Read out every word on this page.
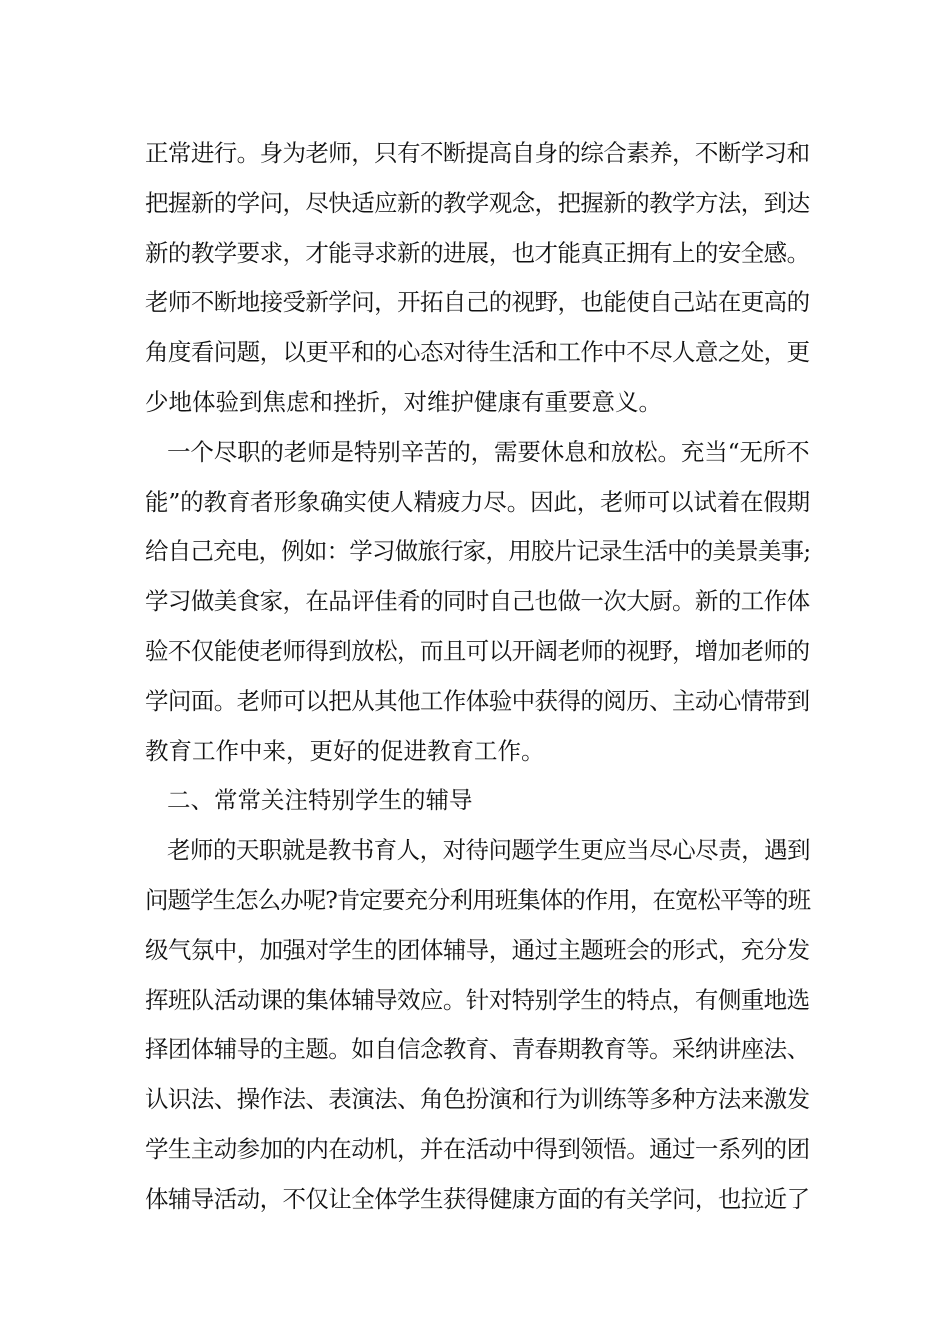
正常进行。身为老师，只有不断提高自身的综合素养，不断学习和
把握新的学问，尽快适应新的教学观念，把握新的教学方法，到达
新的教学要求，才能寻求新的进展，也才能真正拥有上的安全感。
老师不断地接受新学问，开拓自己的视野，也能使自己站在更高的
角度看问题，以更平和的心态对待生活和工作中不尽人意之处，更
少地体验到焦虑和挫折，对维护健康有重要意义。
一个尽职的老师是特别辛苦的，需要休息和放松。充当“无所不
能”的教育者形象确实使人精疲力尽。因此，老师可以试着在假期
给自己充电，例如：学习做旅行家，用胶片记录生活中的美景美事;
学习做美食家，在品评佳肴的同时自己也做一次大厨。新的工作体
验不仅能使老师得到放松，而且可以开阔老师的视野，增加老师的
学问面。老师可以把从其他工作体验中获得的阅历、主动心情带到
教育工作中来，更好的促进教育工作。
二、常常关注特别学生的辅导
老师的天职就是教书育人，对待问题学生更应当尽心尽责，遇到
问题学生怎么办呢?肯定要充分利用班集体的作用，在宽松平等的班
级气氛中，加强对学生的团体辅导，通过主题班会的形式，充分发
挥班队活动课的集体辅导效应。针对特别学生的特点，有侧重地选
择团体辅导的主题。如自信念教育、青春期教育等。采纳讲座法、
认识法、操作法、表演法、角色扮演和行为训练等多种方法来激发
学生主动参加的内在动机，并在活动中得到领悟。通过一系列的团
体辅导活动，不仅让全体学生获得健康方面的有关学问，也拉近了
